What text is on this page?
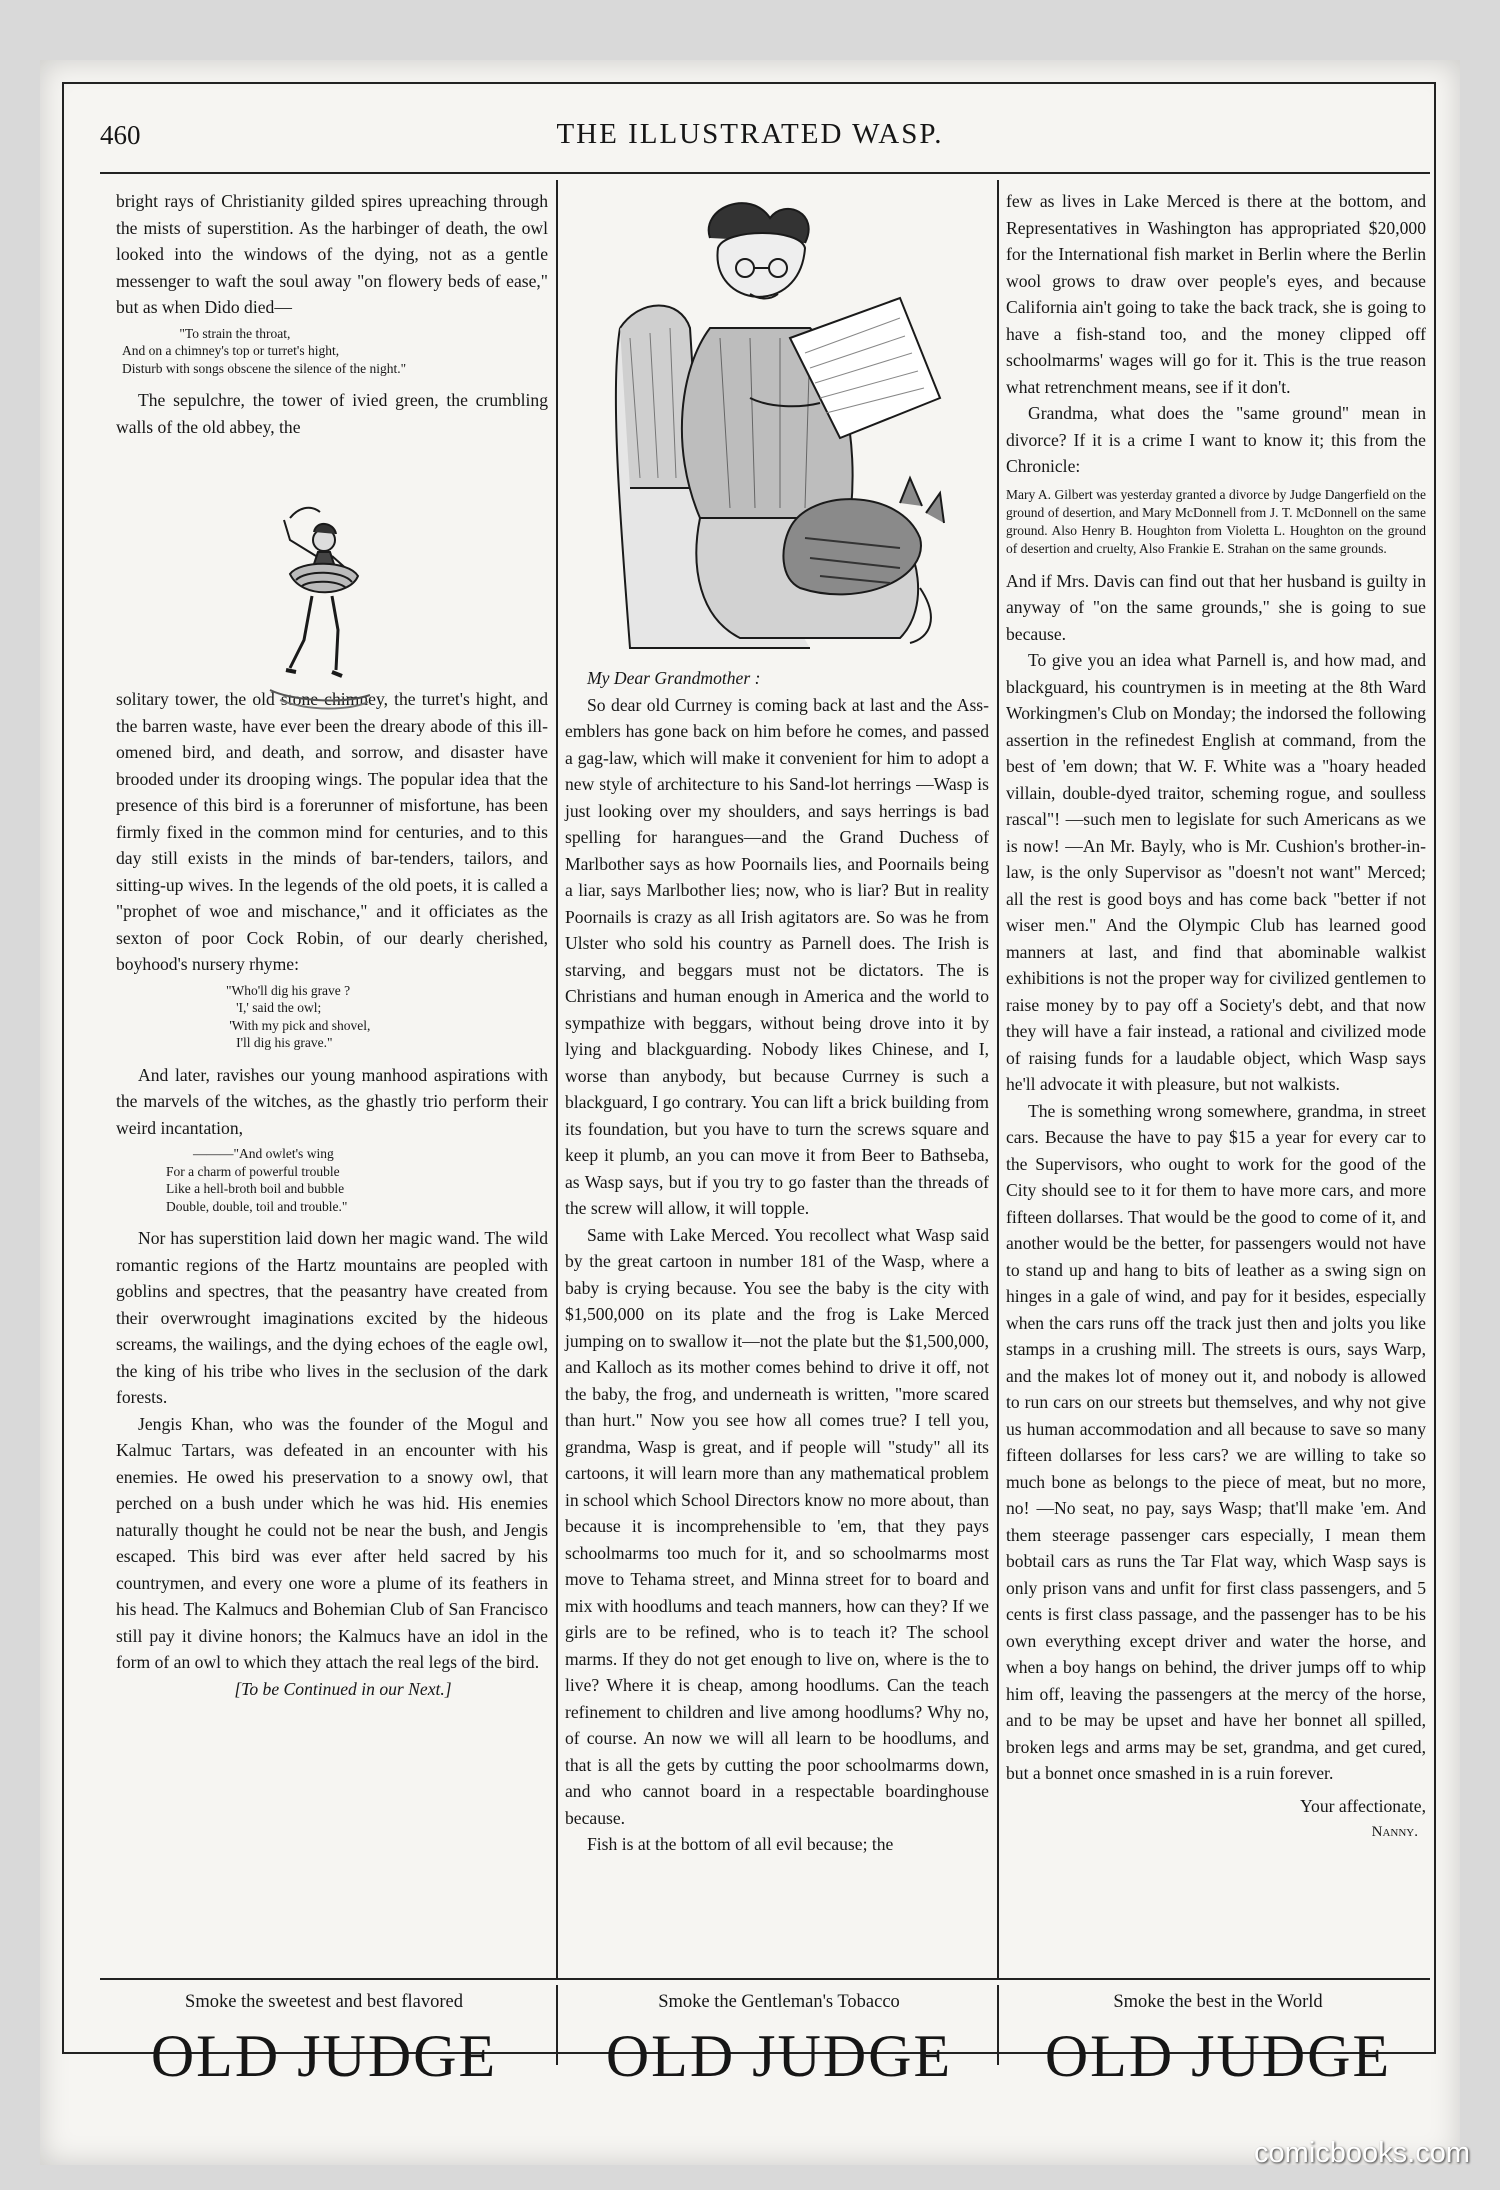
460	THE ILLUSTRATED WASP.

bright rays of Christianity gilded spires upreaching through the mists of superstition. As the harbinger of death, the owl looked into the windows of the dying, not as a gentle messenger to waft the soul away "on flowery beds of ease," but as when Dido died—

"To strain the throat,
And on a chimney's top or turret's hight,
Disturb with songs obscene the silence of the night."

The sepulchre, the tower of ivied green, the crumbling walls of the old abbey, the

solitary tower, the old stone chimney, the turret's hight, and the barren waste, have ever been the dreary abode of this ill-omened bird, and death, and sorrow, and disaster have brooded under its drooping wings. The popular idea that the presence of this bird is a forerunner of misfortune, has been firmly fixed in the common mind for centuries, and to this day still exists in the minds of bar-tenders, tailors, and sitting-up wives. In the legends of the old poets, it is called a "prophet of woe and mischance," and it officiates as the sexton of poor Cock Robin, of our dearly cherished, boyhood's nursery rhyme:

"Who'll dig his grave ?
'I,' said the owl;
'With my pick and shovel,
I'll dig his grave."

And later, ravishes our young manhood aspirations with the marvels of the witches, as the ghastly trio perform their weird incantation,

———"And owlet's wing
For a charm of powerful trouble
Like a hell-broth boil and bubble
Double, double, toil and trouble."

Nor has superstition laid down her magic wand. The wild romantic regions of the Hartz mountains are peopled with goblins and spectres, that the peasantry have created from their overwrought imaginations excited by the hideous screams, the wailings, and the dying echoes of the eagle owl, the king of his tribe who lives in the seclusion of the dark forests.

Jengis Khan, who was the founder of the Mogul and Kalmuc Tartars, was defeated in an encounter with his enemies. He owed his preservation to a snowy owl, that perched on a bush under which he was hid. His enemies naturally thought he could not be near the bush, and Jengis escaped. This bird was ever after held sacred by his countrymen, and every one wore a plume of its feathers in his head. The Kalmucs and Bohemian Club of San Francisco still pay it divine honors; the Kalmucs have an idol in the form of an owl to which they attach the real legs of the bird.

[To be Continued in our Next.]

My Dear Grandmother :

So dear old Currney is coming back at last and the Ass-emblers has gone back on him before he comes, and passed a gag-law, which will make it convenient for him to adopt a new style of architecture to his Sand-lot herrings —Wasp is just looking over my shoulders, and says herrings is bad spelling for harangues—and the Grand Duchess of Marlbother says as how Poornails lies, and Poornails being a liar, says Marlbother lies; now, who is liar? But in reality Poornails is crazy as all Irish agitators are. So was he from Ulster who sold his country as Parnell does. The Irish is starving, and beggars must not be dictators. The is Christians and human enough in America and the world to sympathize with beggars, without being drove into it by lying and blackguarding. Nobody likes Chinese, and I, worse than anybody, but because Currney is such a blackguard, I go contrary. You can lift a brick building from its foundation, but you have to turn the screws square and keep it plumb, an you can move it from Beer to Bathseba, as Wasp says, but if you try to go faster than the threads of the screw will allow, it will topple.

Same with Lake Merced. You recollect what Wasp said by the great cartoon in number 181 of the Wasp, where a baby is crying because. You see the baby is the city with $1,500,000 on its plate and the frog is Lake Merced jumping on to swallow it—not the plate but the $1,500,000, and Kalloch as its mother comes behind to drive it off, not the baby, the frog, and underneath is written, "more scared than hurt." Now you see how all comes true? I tell you, grandma, Wasp is great, and if people will "study" all its cartoons, it will learn more than any mathematical problem in school which School Directors know no more about, than because it is incomprehensible to 'em, that they pays schoolmarms too much for it, and so schoolmarms most move to Tehama street, and Minna street for to board and mix with hoodlums and teach manners, how can they? If we girls are to be refined, who is to teach it? The school marms. If they do not get enough to live on, where is the to live? Where it is cheap, among hoodlums. Can the teach refinement to children and live among hoodlums? Why no, of course. An now we will all learn to be hoodlums, and that is all the gets by cutting the poor schoolmarms down, and who cannot board in a respectable boardinghouse because.

Fish is at the bottom of all evil because; the

few as lives in Lake Merced is there at the bottom, and Representatives in Washington has appropriated $20,000 for the International fish market in Berlin where the Berlin wool grows to draw over people's eyes, and because California ain't going to take the back track, she is going to have a fish-stand too, and the money clipped off schoolmarms' wages will go for it. This is the true reason what retrenchment means, see if it don't.

Grandma, what does the "same ground" mean in divorce? If it is a crime I want to know it; this from the Chronicle:

Mary A. Gilbert was yesterday granted a divorce by Judge Dangerfield on the ground of desertion, and Mary McDonnell from J. T. McDonnell on the same ground. Also Henry B. Houghton from Violetta L. Houghton on the ground of desertion and cruelty, Also Frankie E. Strahan on the same grounds.

And if Mrs. Davis can find out that her husband is guilty in anyway of "on the same grounds," she is going to sue because.

To give you an idea what Parnell is, and how mad, and blackguard, his countrymen is in meeting at the 8th Ward Workingmen's Club on Monday; the indorsed the following assertion in the refinedest English at command, from the best of 'em down; that W. F. White was a "hoary headed villain, double-dyed traitor, scheming rogue, and soulless rascal"! —such men to legislate for such Americans as we is now! —An Mr. Bayly, who is Mr. Cushion's brother-in-law, is the only Supervisor as "doesn't not want" Merced; all the rest is good boys and has come back "better if not wiser men." And the Olympic Club has learned good manners at last, and find that abominable walkist exhibitions is not the proper way for civilized gentlemen to raise money by to pay off a Society's debt, and that now they will have a fair instead, a rational and civilized mode of raising funds for a laudable object, which Wasp says he'll advocate it with pleasure, but not walkists.

The is something wrong somewhere, grandma, in street cars. Because the have to pay $15 a year for every car to the Supervisors, who ought to work for the good of the City should see to it for them to have more cars, and more fifteen dollarses. That would be the good to come of it, and another would be the better, for passengers would not have to stand up and hang to bits of leather as a swing sign on hinges in a gale of wind, and pay for it besides, especially when the cars runs off the track just then and jolts you like stamps in a crushing mill. The streets is ours, says Warp, and the makes lot of money out it, and nobody is allowed to run cars on our streets but themselves, and why not give us human accommodation and all because to save so many fifteen dollarses for less cars? we are willing to take so much bone as belongs to the piece of meat, but no more, no! —No seat, no pay, says Wasp; that'll make 'em. And them steerage passenger cars especially, I mean them bobtail cars as runs the Tar Flat way, which Wasp says is only prison vans and unfit for first class passengers, and 5 cents is first class passage, and the passenger has to be his own everything except driver and water the horse, and when a boy hangs on behind, the driver jumps off to whip him off, leaving the passengers at the mercy of the horse, and to be may be upset and have her bonnet all spilled, broken legs and arms may be set, grandma, and get cured, but a bonnet once smashed in is a ruin forever.

Your affectionate,
Nanny.
Smoke the sweetest and best flavored
OLD JUDGE
Smoke the Gentleman's Tobacco
OLD JUDGE
Smoke the best in the World
OLD JUDGE
comicbooks.com
